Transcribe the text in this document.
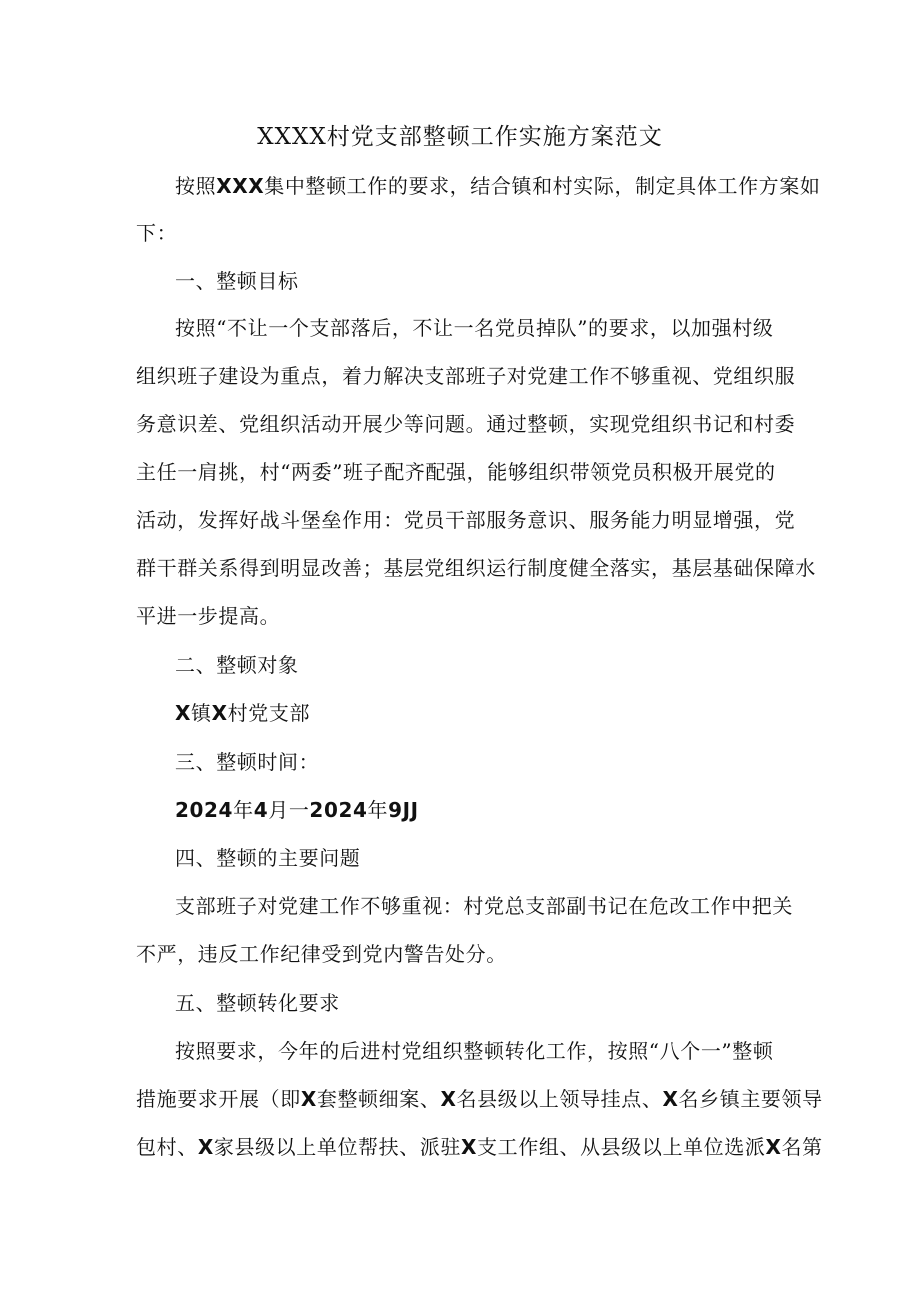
XXXX村党支部整顿工作实施方案范文

按照XXX集中整顿工作的要求，结合镇和村实际，制定具体工作方案如

下：

一、整顿目标

按照“不让一个支部落后，不让一名党员掉队”的要求，以加强村级

组织班子建设为重点，着力解决支部班子对党建工作不够重视、党组织服

务意识差、党组织活动开展少等问题。通过整顿，实现党组织书记和村委

主任一肩挑，村“两委”班子配齐配强，能够组织带领党员积极开展党的

活动，发挥好战斗堡垒作用：党员干部服务意识、服务能力明显增强，党

群干群关系得到明显改善；基层党组织运行制度健全落实，基层基础保障水

平进一步提高。

二、整顿对象

X镇X村党支部

三、整顿时间：

2024年4月一2024年9JJ

四、整顿的主要问题

支部班子对党建工作不够重视：村党总支部副书记在危改工作中把关

不严，违反工作纪律受到党内警告处分。

五、整顿转化要求

按照要求，今年的后进村党组织整顿转化工作，按照“八个一”整顿

措施要求开展（即X套整顿细案、X名县级以上领导挂点、X名乡镇主要领导

包村、X家县级以上单位帮扶、派驻X支工作组、从县级以上单位选派X名第
